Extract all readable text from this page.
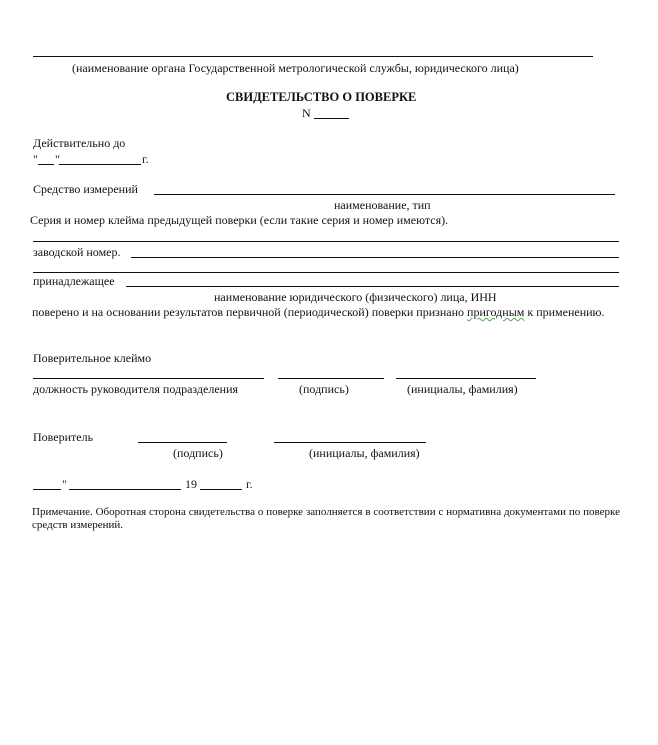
(наименование органа Государственной метрологической службы, юридического лица)
СВИДЕТЕЛЬСТВО О ПОВЕРКЕ
N
Действительно до
" "	г.
Средство измерений
наименование, тип
Серия и номер клейма предыдущей поверки (если такие серия и номер имеются).
заводской номер.
принадлежащее
наименование юридического (физического) лица, ИНН
поверено и на основании результатов первичной (периодической) поверки признано пригодным к применению.
Поверительное клеймо
должность руководителя подразделения	(подпись)	(инициалы, фамилия)
Поверитель
(подпись)	(инициалы, фамилия)
"	19	г.
Примечание. Оборотная сторона свидетельства о поверке заполняется в соответствии с нормативна документами по поверке средств измерений.
